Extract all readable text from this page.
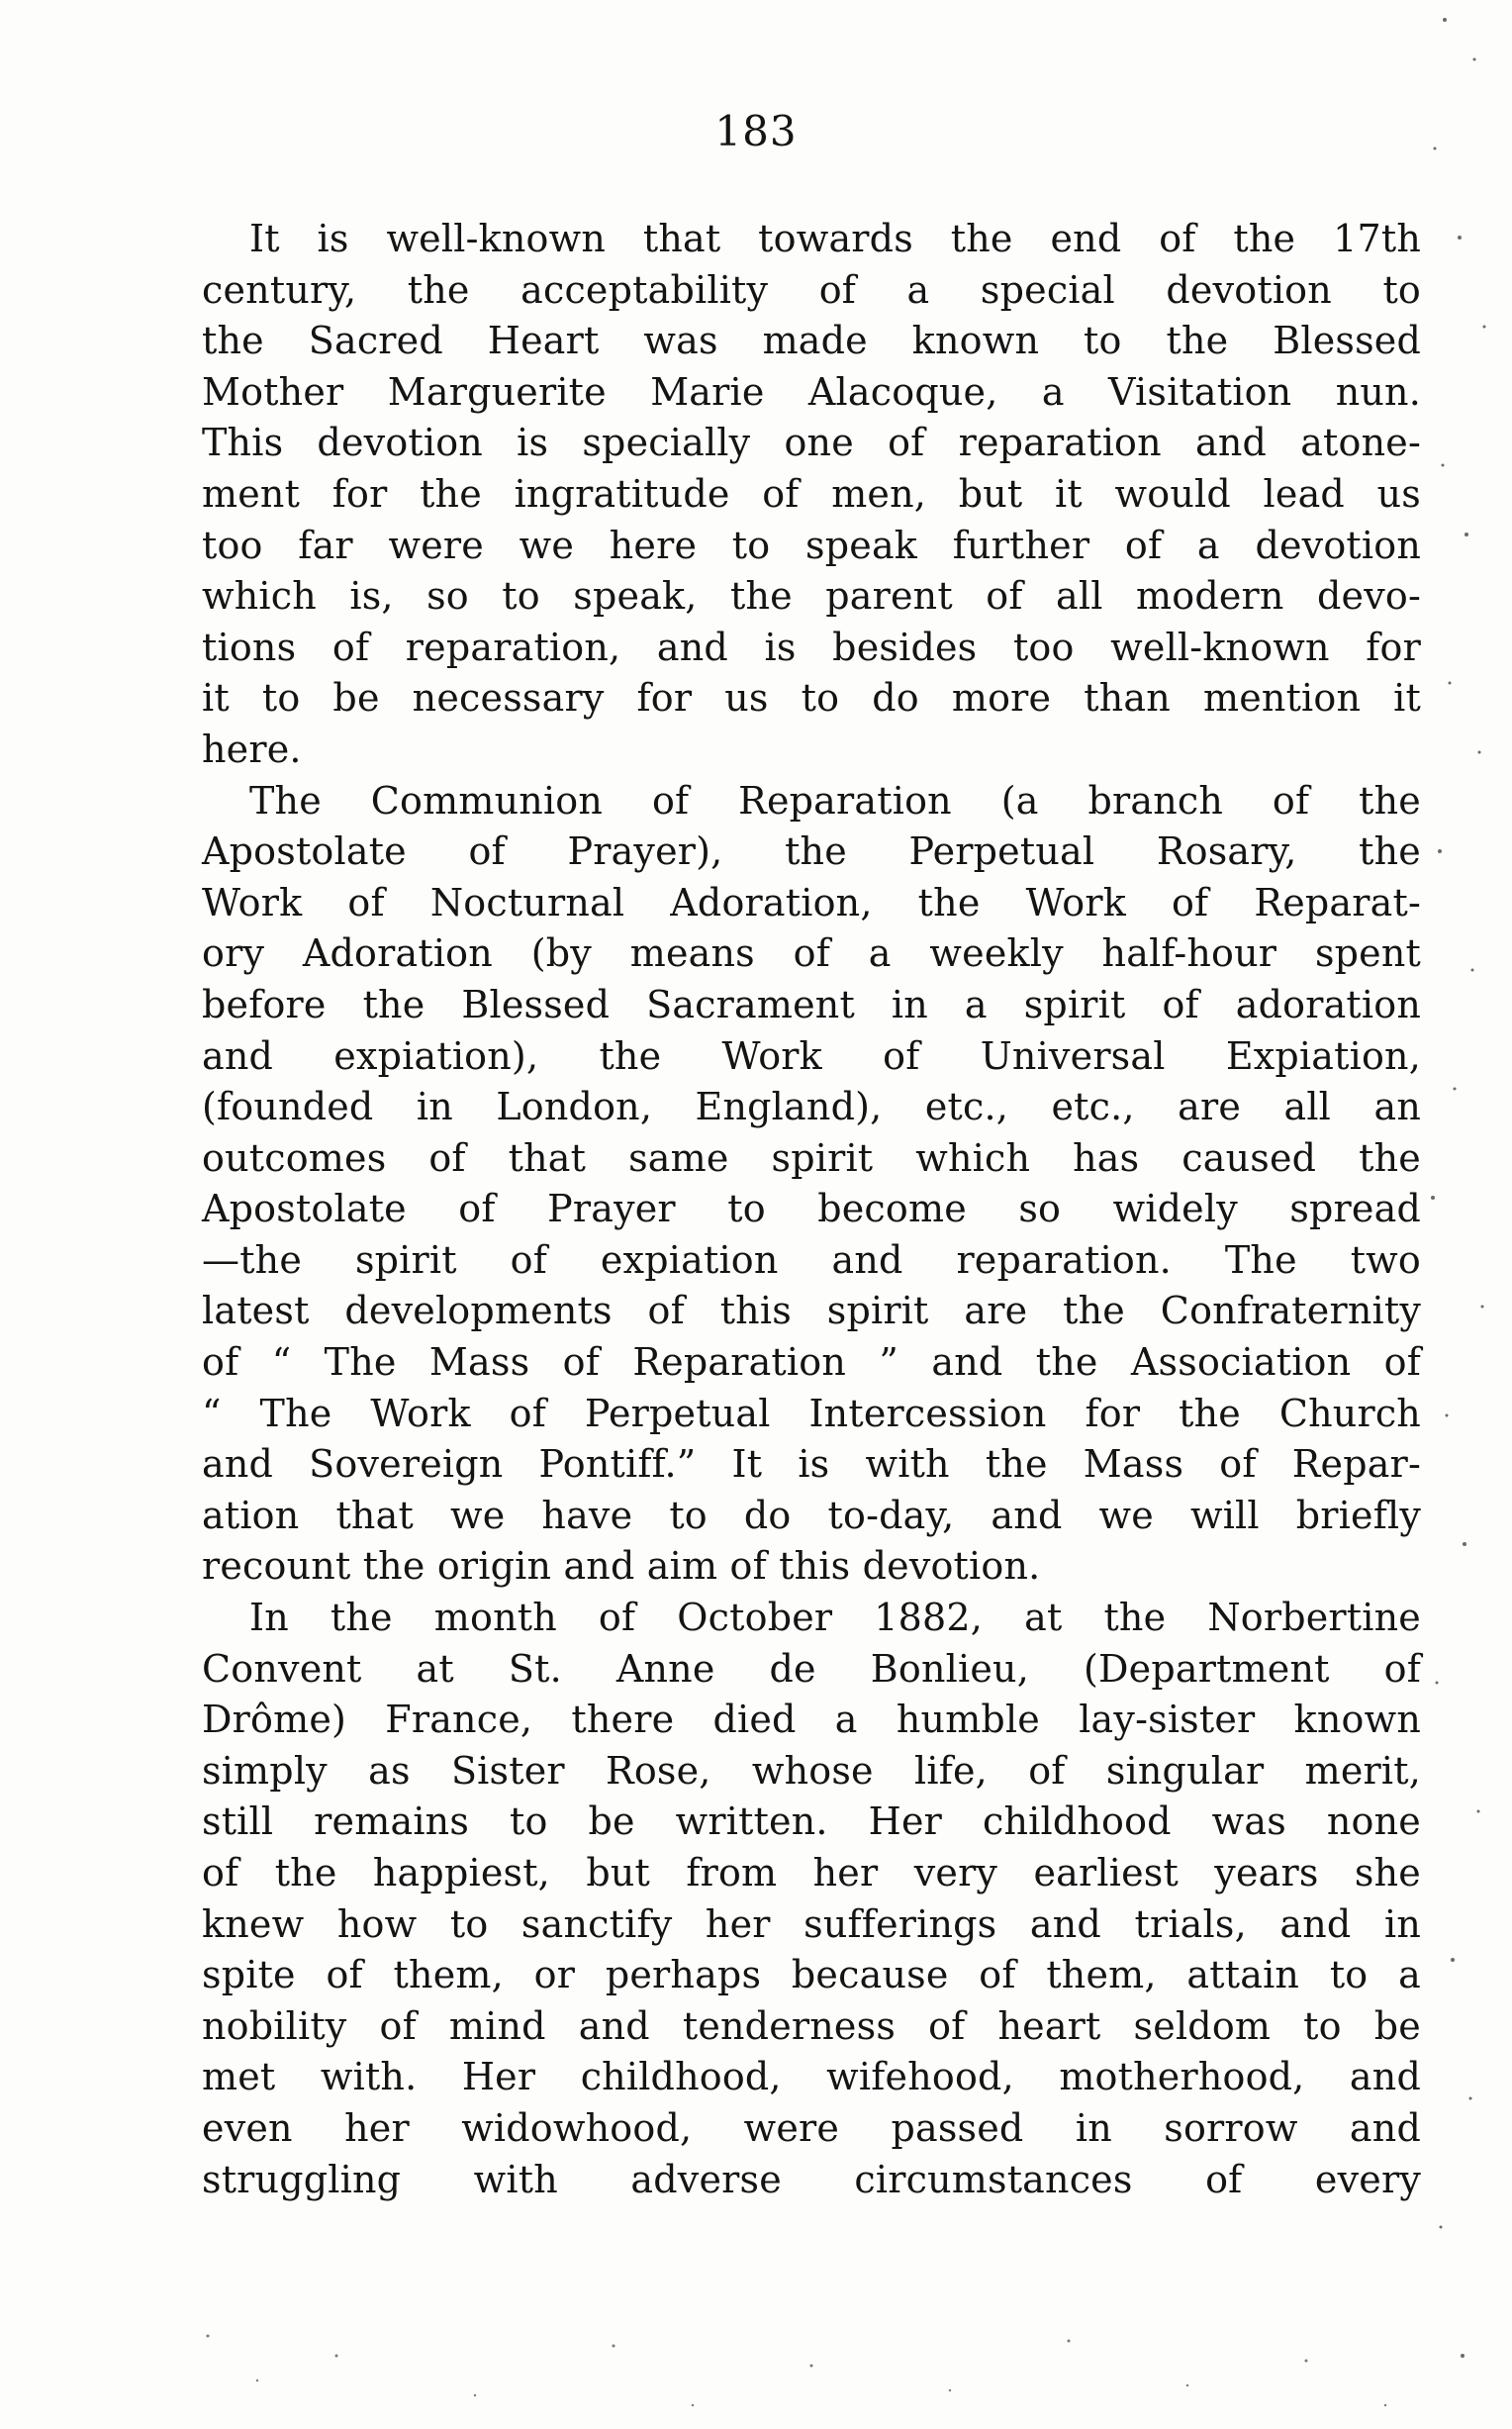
183
It is well-known that towards the end of the 17th
century, the acceptability of a special devotion to
the Sacred Heart was made known to the Blessed
Mother Marguerite Marie Alacoque, a Visitation nun.
This devotion is specially one of reparation and atone-
ment for the ingratitude of men, but it would lead us
too far were we here to speak further of a devotion
which is, so to speak, the parent of all modern devo-
tions of reparation, and is besides too well-known for
it to be necessary for us to do more than mention it
here.
The Communion of Reparation (a branch of the
Apostolate of Prayer), the Perpetual Rosary, the
Work of Nocturnal Adoration, the Work of Reparat-
ory Adoration (by means of a weekly half-hour spent
before the Blessed Sacrament in a spirit of adoration
and expiation), the Work of Universal Expiation,
(founded in London, England), etc., etc., are all an
outcomes of that same spirit which has caused the
Apostolate of Prayer to become so widely spread
—the spirit of expiation and reparation. The two
latest developments of this spirit are the Confraternity
of “ The Mass of Reparation ” and the Association of
“ The Work of Perpetual Intercession for the Church
and Sovereign Pontiff.” It is with the Mass of Repar-
ation that we have to do to-day, and we will briefly
recount the origin and aim of this devotion.
In the month of October 1882, at the Norbertine
Convent at St. Anne de Bonlieu, (Department of
Drôme) France, there died a humble lay-sister known
simply as Sister Rose, whose life, of singular merit,
still remains to be written. Her childhood was none
of the happiest, but from her very earliest years she
knew how to sanctify her sufferings and trials, and in
spite of them, or perhaps because of them, attain to a
nobility of mind and tenderness of heart seldom to be
met with. Her childhood, wifehood, motherhood, and
even her widowhood, were passed in sorrow and
struggling with adverse circumstances of every
